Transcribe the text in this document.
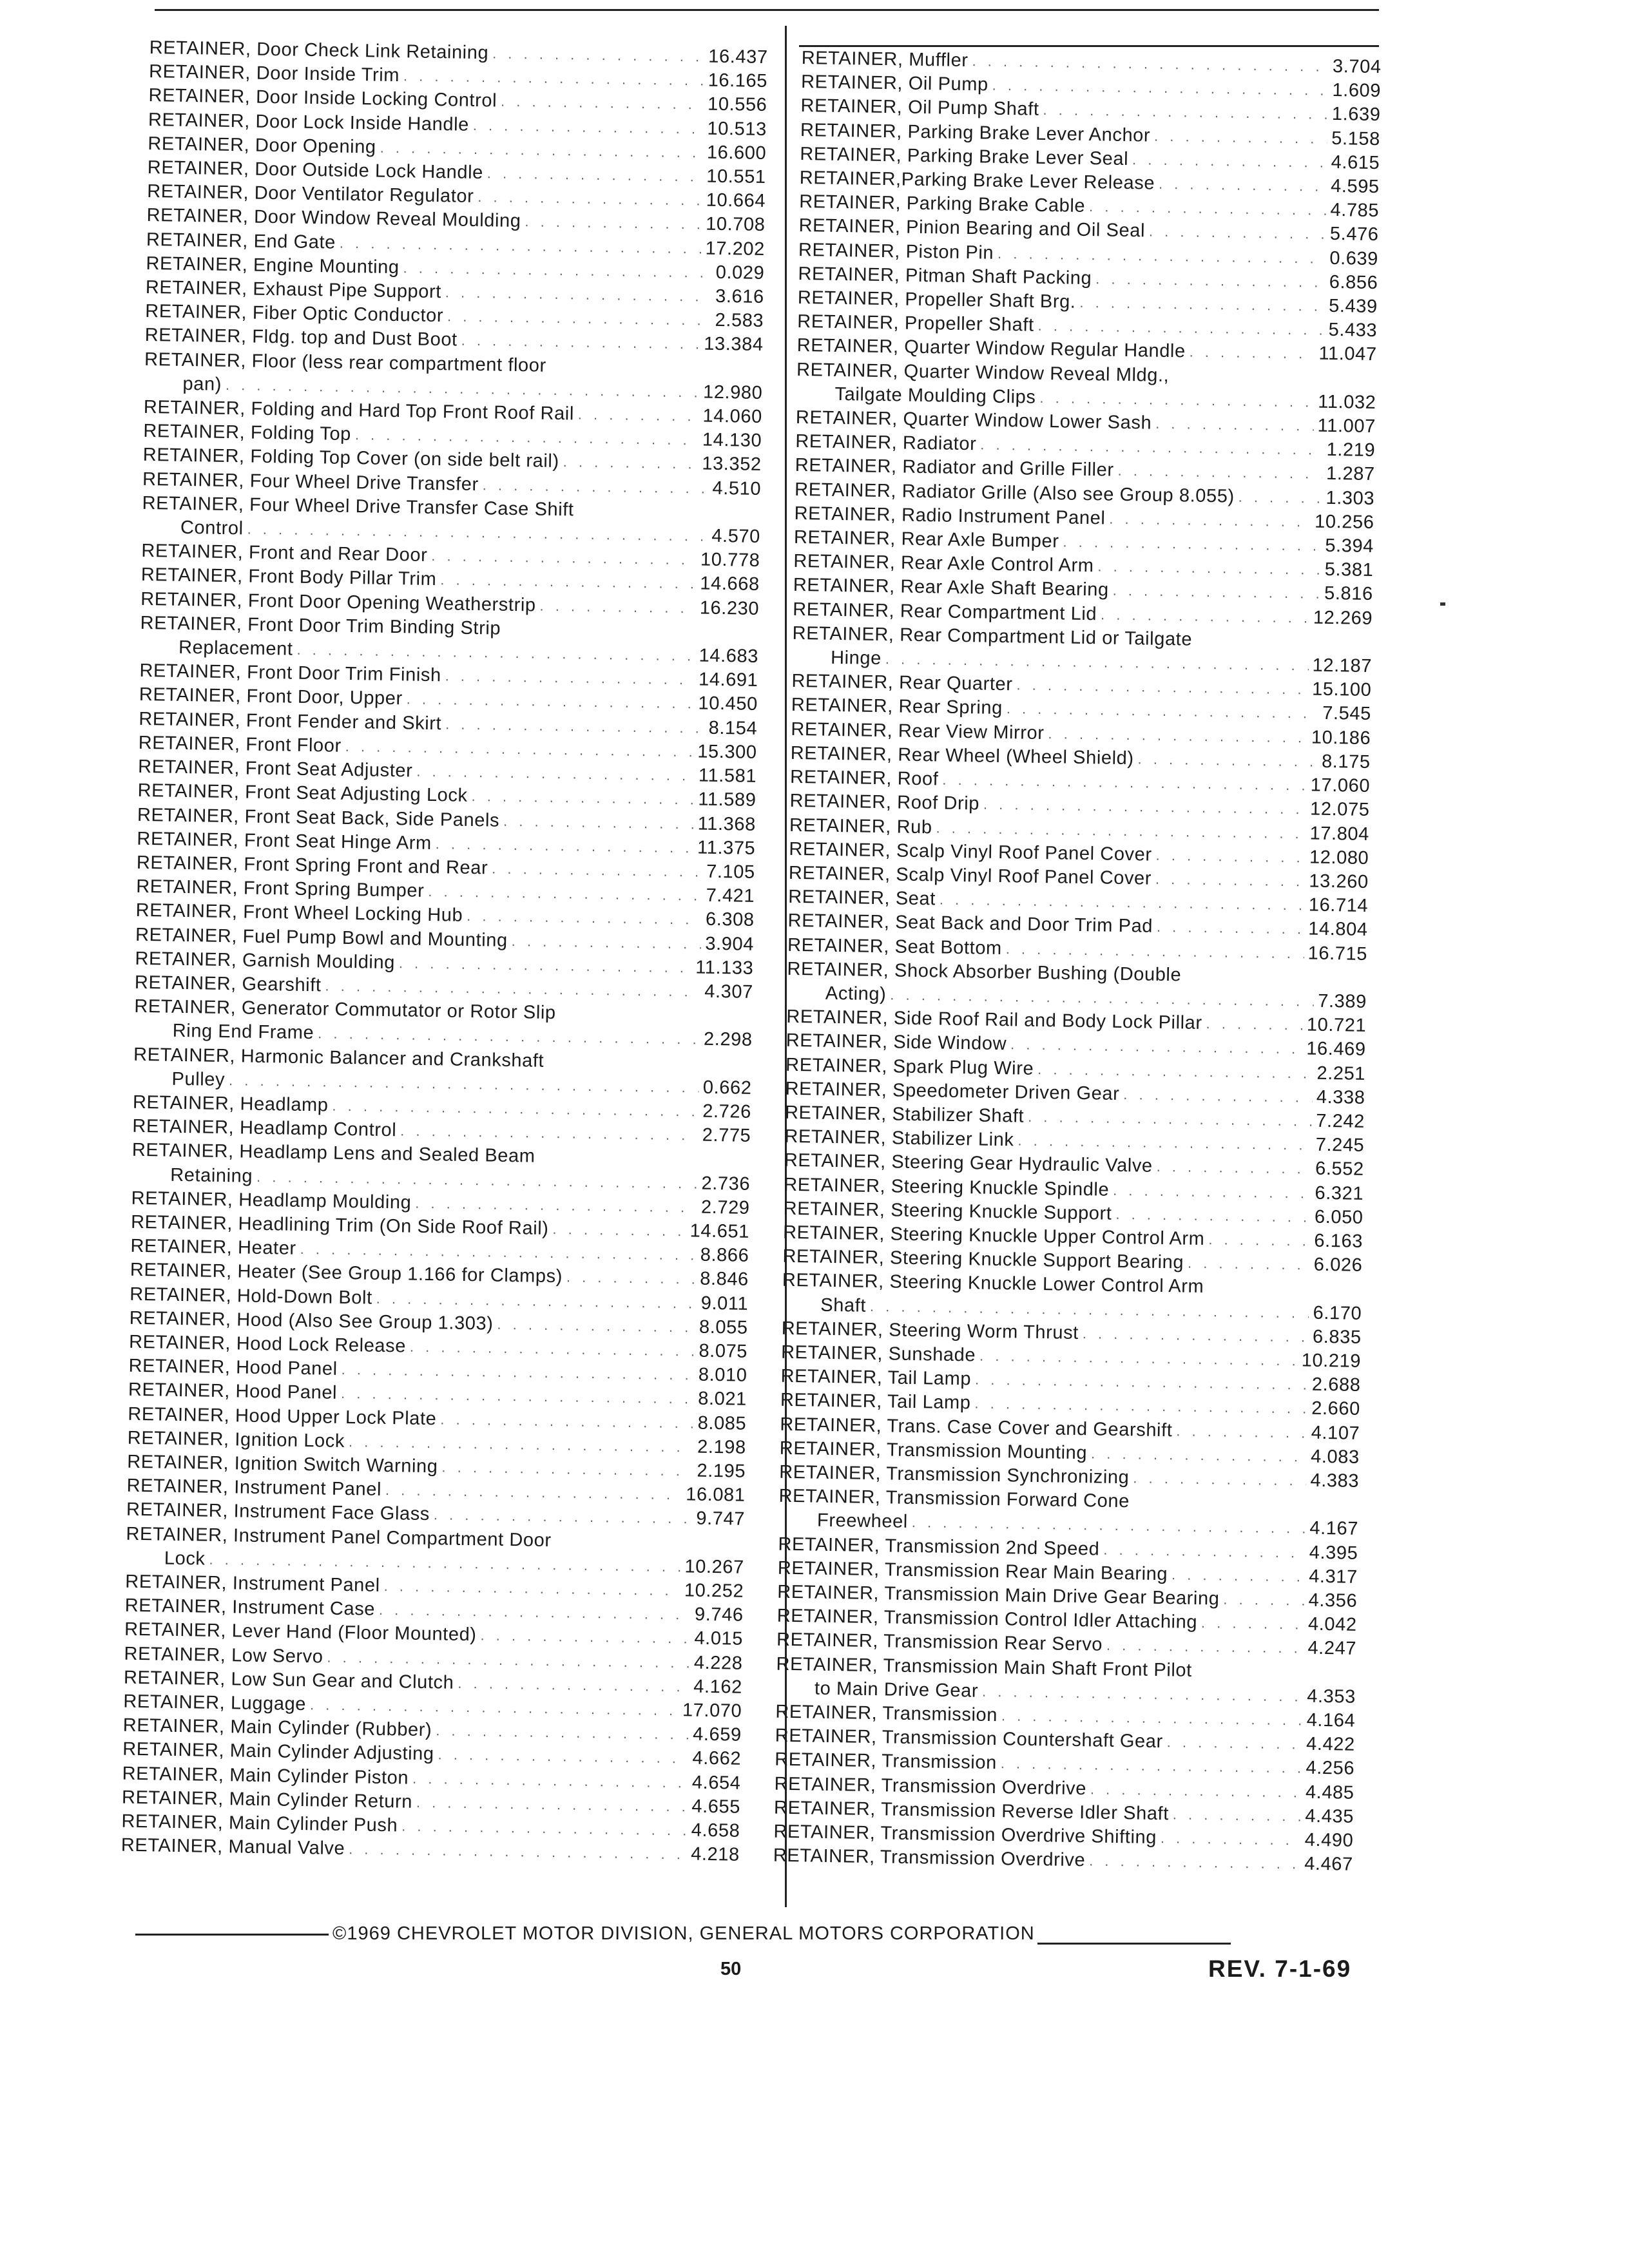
RETAINER, Door Check Link Retaining . . .	16.437
RETAINER, Door Inside Trim . . .	16.165
RETAINER, Door Inside Locking Control . . .	10.556
RETAINER, Door Lock Inside Handle . . .	10.513
RETAINER, Door Opening . . .	16.600
RETAINER, Door Outside Lock Handle . . .	10.551
RETAINER, Door Ventilator Regulator . . .	10.664
RETAINER, Door Window Reveal Moulding . . .	10.708
RETAINER, End Gate . . .	17.202
RETAINER, Engine Mounting . . .	0.029
RETAINER, Exhaust Pipe Support . . .	3.616
RETAINER, Fiber Optic Conductor . . .	2.583
RETAINER, Fldg. top and Dust Boot . . .	13.384
RETAINER, Floor (less rear compartment floor
pan) . . .	12.980
RETAINER, Folding and Hard Top Front Roof Rail . . .	14.060
RETAINER, Folding Top . . .	14.130
RETAINER, Folding Top Cover (on side belt rail) . . .	13.352
RETAINER, Four Wheel Drive Transfer . . .	4.510
RETAINER, Four Wheel Drive Transfer Case Shift
Control . . .	4.570
RETAINER, Front and Rear Door . . .	10.778
RETAINER, Front Body Pillar Trim . . .	14.668
RETAINER, Front Door Opening Weatherstrip . . .	16.230
RETAINER, Front Door Trim Binding Strip
Replacement . . .	14.683
RETAINER, Front Door Trim Finish . . .	14.691
RETAINER, Front Door, Upper . . .	10.450
RETAINER, Front Fender and Skirt . . .	8.154
RETAINER, Front Floor . . .	15.300
RETAINER, Front Seat Adjuster . . .	11.581
RETAINER, Front Seat Adjusting Lock . . .	11.589
RETAINER, Front Seat Back, Side Panels . . .	11.368
RETAINER, Front Seat Hinge Arm . . .	11.375
RETAINER, Front Spring Front and Rear . . .	7.105
RETAINER, Front Spring Bumper . . .	7.421
RETAINER, Front Wheel Locking Hub . . .	6.308
RETAINER, Fuel Pump Bowl and Mounting . . .	3.904
RETAINER, Garnish Moulding . . .	11.133
RETAINER, Gearshift . . .	4.307
RETAINER, Generator Commutator or Rotor Slip
Ring End Frame . . .	2.298
RETAINER, Harmonic Balancer and Crankshaft
Pulley . . .	0.662
RETAINER, Headlamp . . .	2.726
RETAINER, Headlamp Control . . .	2.775
RETAINER, Headlamp Lens and Sealed Beam
Retaining . . .	2.736
RETAINER, Headlamp Moulding . . .	2.729
RETAINER, Headlining Trim (On Side Roof Rail) . . .	14.651
RETAINER, Heater . . .	8.866
RETAINER, Heater (See Group 1.166 for Clamps) . . .	8.846
RETAINER, Hold-Down Bolt . . .	9.011
RETAINER, Hood (Also See Group 1.303) . . .	8.055
RETAINER, Hood Lock Release . . .	8.075
RETAINER, Hood Panel . . .	8.010
RETAINER, Hood Panel . . .	8.021
RETAINER, Hood Upper Lock Plate . . .	8.085
RETAINER, Ignition Lock . . .	2.198
RETAINER, Ignition Switch Warning . . .	2.195
RETAINER, Instrument Panel . . .	16.081
RETAINER, Instrument Face Glass . . .	9.747
RETAINER, Instrument Panel Compartment Door
Lock . . .	10.267
RETAINER, Instrument Panel . . .	10.252
RETAINER, Instrument Case . . .	9.746
RETAINER, Lever Hand (Floor Mounted) . . .	4.015
RETAINER, Low Servo . . .	4.228
RETAINER, Low Sun Gear and Clutch . . .	4.162
RETAINER, Luggage . . .	17.070
RETAINER, Main Cylinder (Rubber) . . .	4.659
RETAINER, Main Cylinder Adjusting . . .	4.662
RETAINER, Main Cylinder Piston . . .	4.654
RETAINER, Main Cylinder Return . . .	4.655
RETAINER, Main Cylinder Push . . .	4.658
RETAINER, Manual Valve . . .	4.218
RETAINER, Muffler . . .	3.704
RETAINER, Oil Pump . . .	1.609
RETAINER, Oil Pump Shaft . . .	1.639
RETAINER, Parking Brake Lever Anchor . . .	5.158
RETAINER, Parking Brake Lever Seal . . .	4.615
RETAINER,Parking Brake Lever Release . . .	4.595
RETAINER, Parking Brake Cable . . .	4.785
RETAINER, Pinion Bearing and Oil Seal . . .	5.476
RETAINER, Piston Pin . . .	0.639
RETAINER, Pitman Shaft Packing . . .	6.856
RETAINER, Propeller Shaft Brg. . . .	5.439
RETAINER, Propeller Shaft . . .	5.433
RETAINER, Quarter Window Regular Handle . . .	11.047
RETAINER, Quarter Window Reveal Mldg.,
Tailgate Moulding Clips . . .	11.032
RETAINER, Quarter Window Lower Sash . . .	11.007
RETAINER, Radiator . . .	1.219
RETAINER, Radiator and Grille Filler . . .	1.287
RETAINER, Radiator Grille (Also see Group 8.055) . . .	1.303
RETAINER, Radio Instrument Panel . . .	10.256
RETAINER, Rear Axle Bumper . . .	5.394
RETAINER, Rear Axle Control Arm . . .	5.381
RETAINER, Rear Axle Shaft Bearing . . .	5.816
RETAINER, Rear Compartment Lid . . .	12.269
RETAINER, Rear Compartment Lid or Tailgate
Hinge . . .	12.187
RETAINER, Rear Quarter . . .	15.100
RETAINER, Rear Spring . . .	7.545
RETAINER, Rear View Mirror . . .	10.186
RETAINER, Rear Wheel (Wheel Shield) . . .	8.175
RETAINER, Roof . . .	17.060
RETAINER, Roof Drip . . .	12.075
RETAINER, Rub . . .	17.804
RETAINER, Scalp Vinyl Roof Panel Cover . . .	12.080
RETAINER, Scalp Vinyl Roof Panel Cover . . .	13.260
RETAINER, Seat . . .	16.714
RETAINER, Seat Back and Door Trim Pad . . .	14.804
RETAINER, Seat Bottom . . .	16.715
RETAINER, Shock Absorber Bushing (Double
Acting) . . .	7.389
RETAINER, Side Roof Rail and Body Lock Pillar . . .	10.721
RETAINER, Side Window . . .	16.469
RETAINER, Spark Plug Wire . . .	2.251
RETAINER, Speedometer Driven Gear . . .	4.338
RETAINER, Stabilizer Shaft . . .	7.242
RETAINER, Stabilizer Link . . .	7.245
RETAINER, Steering Gear Hydraulic Valve . . .	6.552
RETAINER, Steering Knuckle Spindle . . .	6.321
RETAINER, Steering Knuckle Support . . .	6.050
RETAINER, Steering Knuckle Upper Control Arm . . .	6.163
RETAINER, Steering Knuckle Support Bearing . . .	6.026
RETAINER, Steering Knuckle Lower Control Arm
Shaft . . .	6.170
RETAINER, Steering Worm Thrust . . .	6.835
RETAINER, Sunshade . . .	10.219
RETAINER, Tail Lamp . . .	2.688
RETAINER, Tail Lamp . . .	2.660
RETAINER, Trans. Case Cover and Gearshift . . .	4.107
RETAINER, Transmission Mounting . . .	4.083
RETAINER, Transmission Synchronizing . . .	4.383
RETAINER, Transmission Forward Cone
Freewheel . . .	4.167
RETAINER, Transmission 2nd Speed . . .	4.395
RETAINER, Transmission Rear Main Bearing . . .	4.317
RETAINER, Transmission Main Drive Gear Bearing . . .	4.356
RETAINER, Transmission Control Idler Attaching . . .	4.042
RETAINER, Transmission Rear Servo . . .	4.247
RETAINER, Transmission Main Shaft Front Pilot
to Main Drive Gear . . .	4.353
RETAINER, Transmission . . .	4.164
RETAINER, Transmission Countershaft Gear . . .	4.422
RETAINER, Transmission . . .	4.256
RETAINER, Transmission Overdrive . . .	4.485
RETAINER, Transmission Reverse Idler Shaft . . .	4.435
RETAINER, Transmission Overdrive Shifting . . .	4.490
RETAINER, Transmission Overdrive . . .	4.467
©1969 CHEVROLET MOTOR DIVISION, GENERAL MOTORS CORPORATION
50	REV. 7-1-69
